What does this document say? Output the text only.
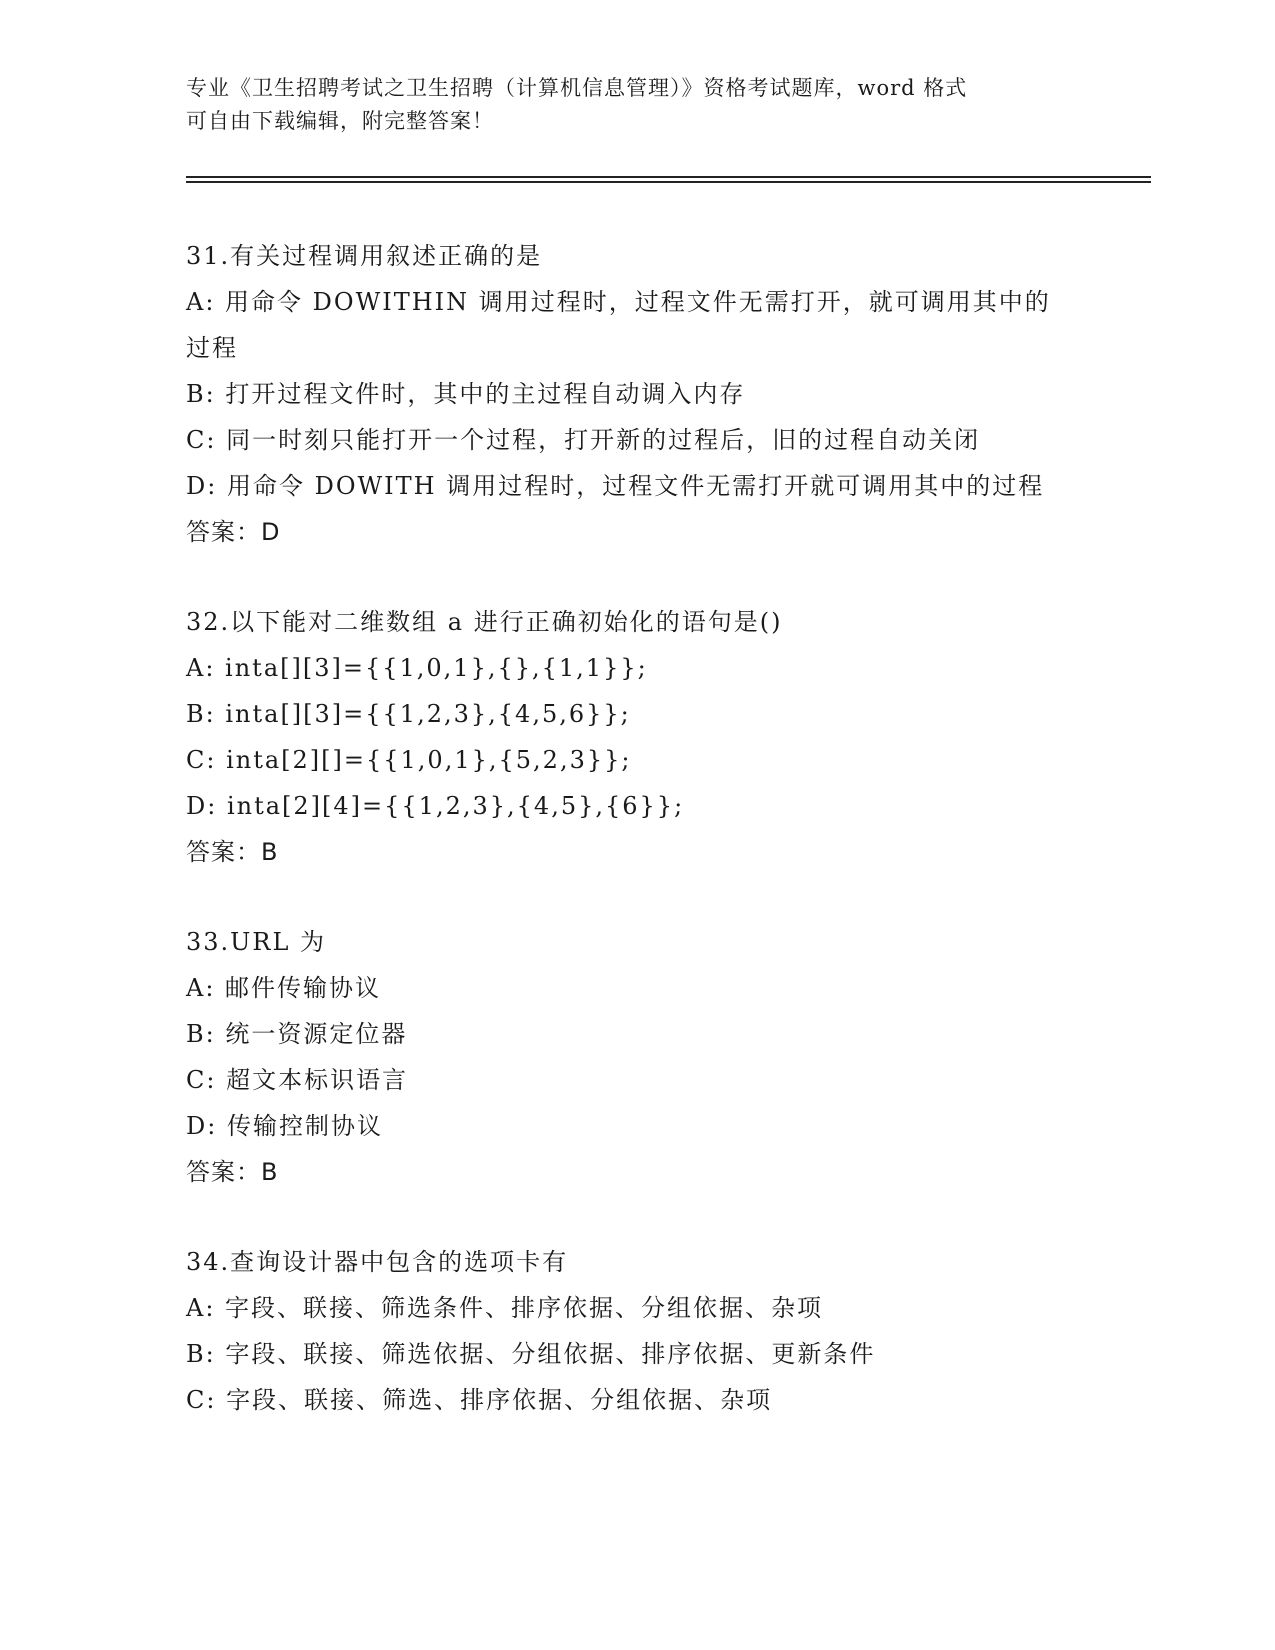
专业《卫生招聘考试之卫生招聘（计算机信息管理）》资格考试题库，word 格式
可自由下载编辑，附完整答案！
31.有关过程调用叙述正确的是
A: 用命令 DOWITHIN 调用过程时，过程文件无需打开，就可调用其中的过程
B: 打开过程文件时，其中的主过程自动调入内存
C: 同一时刻只能打开一个过程，打开新的过程后，旧的过程自动关闭
D: 用命令 DOWITH 调用过程时，过程文件无需打开就可调用其中的过程
答案：D
32.以下能对二维数组 a 进行正确初始化的语句是()
A: inta[][3]={{1,0,1},{},{1,1}};
B: inta[][3]={{1,2,3},{4,5,6}};
C: inta[2][]={{1,0,1},{5,2,3}};
D: inta[2][4]={{1,2,3},{4,5},{6}};
答案：B
33.URL 为
A: 邮件传输协议
B: 统一资源定位器
C: 超文本标识语言
D: 传输控制协议
答案：B
34.查询设计器中包含的选项卡有
A: 字段、联接、筛选条件、排序依据、分组依据、杂项
B: 字段、联接、筛选依据、分组依据、排序依据、更新条件
C: 字段、联接、筛选、排序依据、分组依据、杂项
